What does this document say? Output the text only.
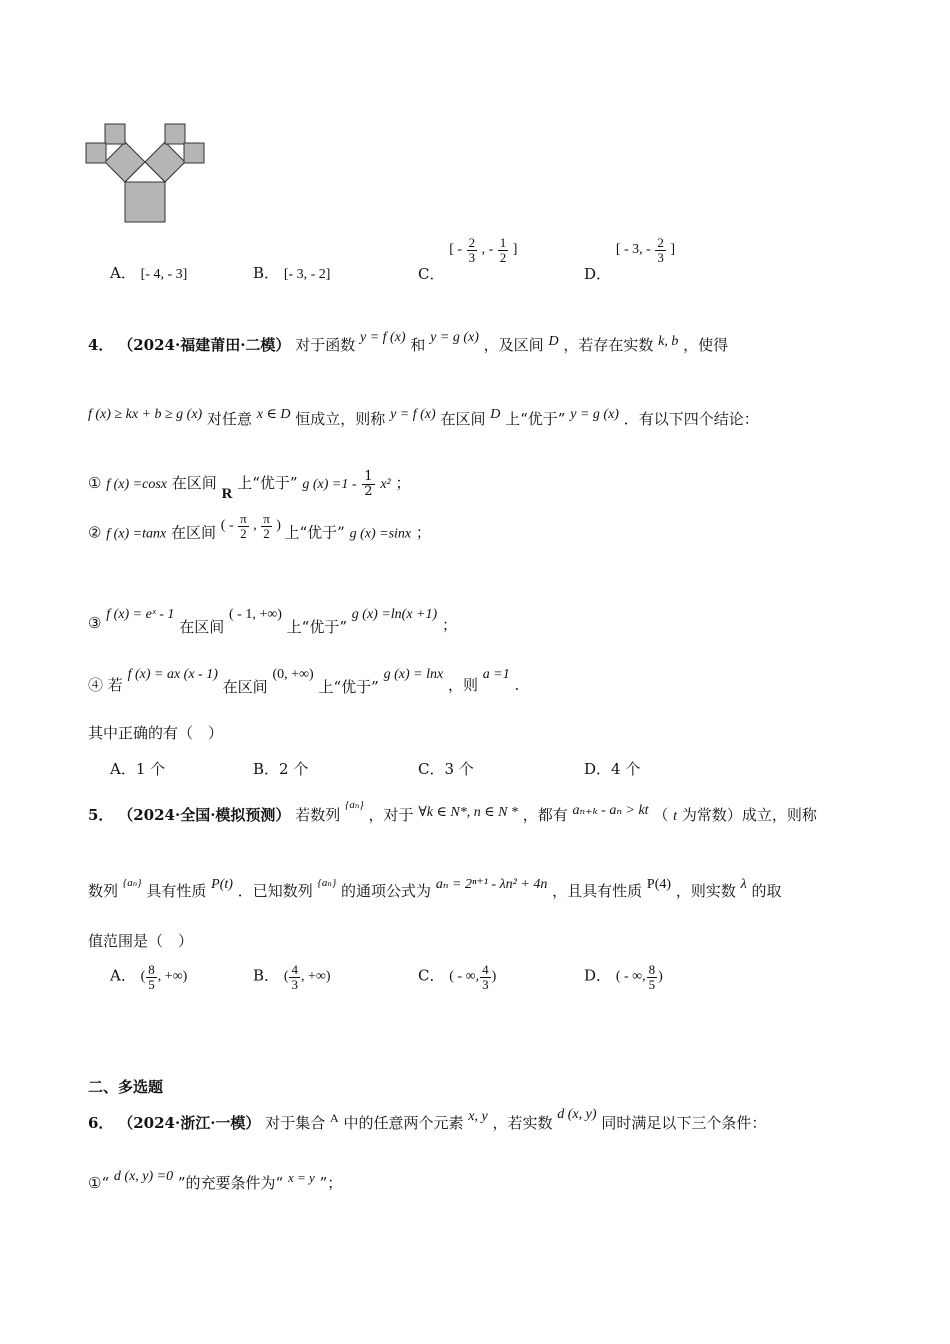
A． [- 4, - 3]	B． [- 3, - 2]	C． [ - $\frac{2}{3}$ , - $\frac{1}{2}$ ]
D． [ - 3, - $\frac{2}{3}$ ]
4． （2024·福建莆田·二模） 对于函数 y = f (x) 和 y = g (x) ，及区间 D ，若存在实数 k, b ，使得
f (x) ≥ kx + b ≥ g (x) 对任意 x ∈ D 恒成立，则称 y = f (x) 在区间 D 上“优于” y = g (x) ．有以下四个结论：
① f (x) =cosx 在区间 R 上“优于” g $(x) =1 - \frac{1}{2} x^2$ ；
② f (x) =tanx 在区间 ( - $\frac{\pi}{2}$ , $\frac{\pi}{2}$ ) 上“优于” g (x) =sinx ；
③ f (x) = eˣ - 1 在区间 ( - 1, +∞) 上“优于” g (x) =ln(x +1) ；
④ 若 f (x) = ax (x - 1) 在区间 (0, +∞) 上“优于” g (x) = lnx ，则 a =1 .
其中正确的有（　）
A．1 个	B．2 个	C．3 个	D．4 个
5． （2024·全国·模拟预测） 若数列 $^{\{a_n\}}$ ，对于 ∀k ∈ N*, n ∈ N * ，都有 aₙ₊ₖ - aₙ > kt （ t 为常数）成立，则称
数列 $^{\{a_n\}}$ 具有性质 P(t) ．已知数列 $^{\{a_n\}}$ 的通项公式为 aₙ = 2ⁿ⁺¹ - λn² + 4n ，且具有性质 P(4) ，则实数 λ 的取
值范围是（　）
A． ( $\frac{8}{5}$ , +∞)	B． ( $\frac{4}{3}$ , +∞)	C． ( - ∞, $\frac{4}{3}$ )	D． ( - ∞, $\frac{8}{5}$ )
二、多选题
6． （2024·浙江·一模） 对于集合 $^A$ 中的任意两个元素 x, y ，若实数 d (x, y) 同时满足以下三个条件：
①“ d (x, y) =0 ”的充要条件为“ x = y ”；
